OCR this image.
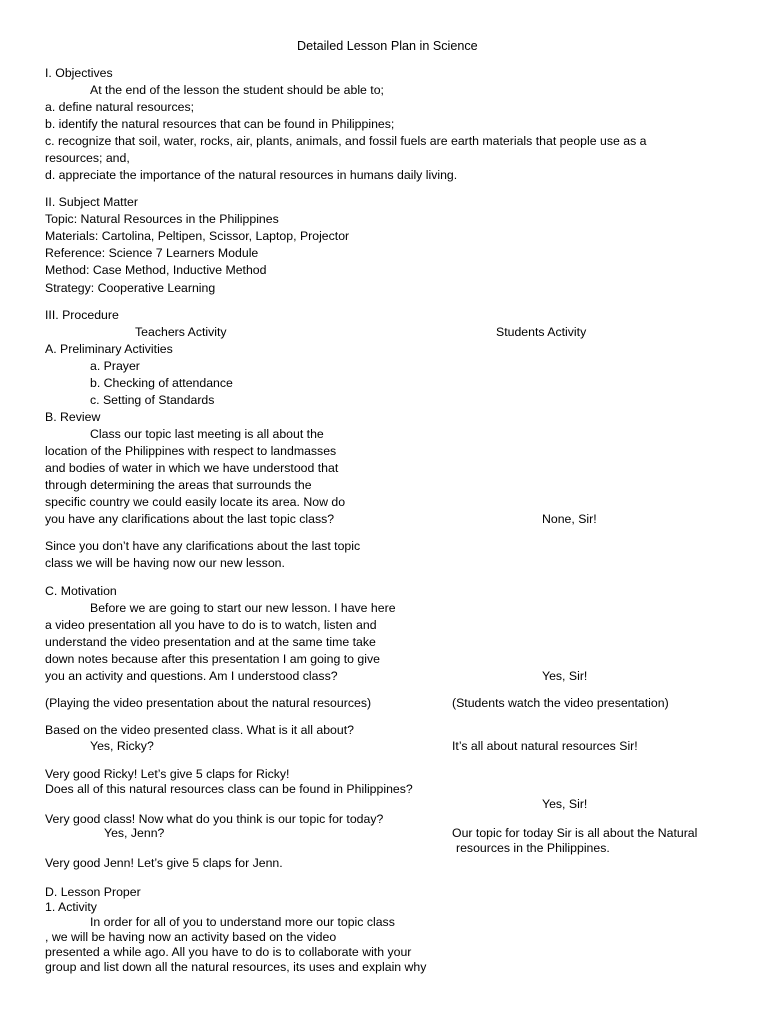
Detailed Lesson Plan in Science
I. Objectives
At the end of the lesson the student should be able to;
a. define natural resources;
b. identify the natural resources that can be found in Philippines;
c. recognize that soil, water, rocks, air, plants, animals, and fossil fuels are earth materials that people use as a
resources; and,
d. appreciate the importance of the natural resources in humans daily living.
II. Subject Matter
Topic: Natural Resources in the Philippines
Materials: Cartolina, Peltipen, Scissor, Laptop, Projector
Reference: Science 7 Learners Module
Method: Case Method, Inductive Method
Strategy: Cooperative Learning
III. Procedure
Teachers Activity	Students Activity
A. Preliminary Activities
a. Prayer
b. Checking of attendance
c. Setting of Standards
B. Review
Class our topic last meeting is all about the
location of the Philippines with respect to landmasses
and bodies of water in which we have understood that
through determining the areas that surrounds the
specific country we could easily locate its area. Now do
you have any clarifications about the last topic class?	None, Sir!
Since you don’t have any clarifications about the last topic
class we will be having now our new lesson.
C. Motivation
Before we are going to start our new lesson. I have here
a video presentation all you have to do is to watch, listen and
understand the video presentation and at the same time take
down notes because after this presentation I am going to give
you an activity and questions. Am I understood class?	Yes, Sir!
(Playing the video presentation about the natural resources)	(Students watch the video presentation)
Based on the video presented class. What is it all about?
Yes, Ricky?	It’s all about natural resources Sir!
Very good Ricky! Let’s give 5 claps for Ricky!
Does all of this natural resources class can be found in Philippines?
Yes, Sir!
Very good class! Now what do you think is our topic for today?
Yes, Jenn?	Our topic for today Sir is all about the Natural
resources in the Philippines.
Very good Jenn! Let’s give 5 claps for Jenn.
D. Lesson Proper
1. Activity
In order for all of you to understand more our topic class
, we will be having now an activity based on the video
presented a while ago. All you have to do is to collaborate with your
group and list down all the natural resources, its uses and explain why
